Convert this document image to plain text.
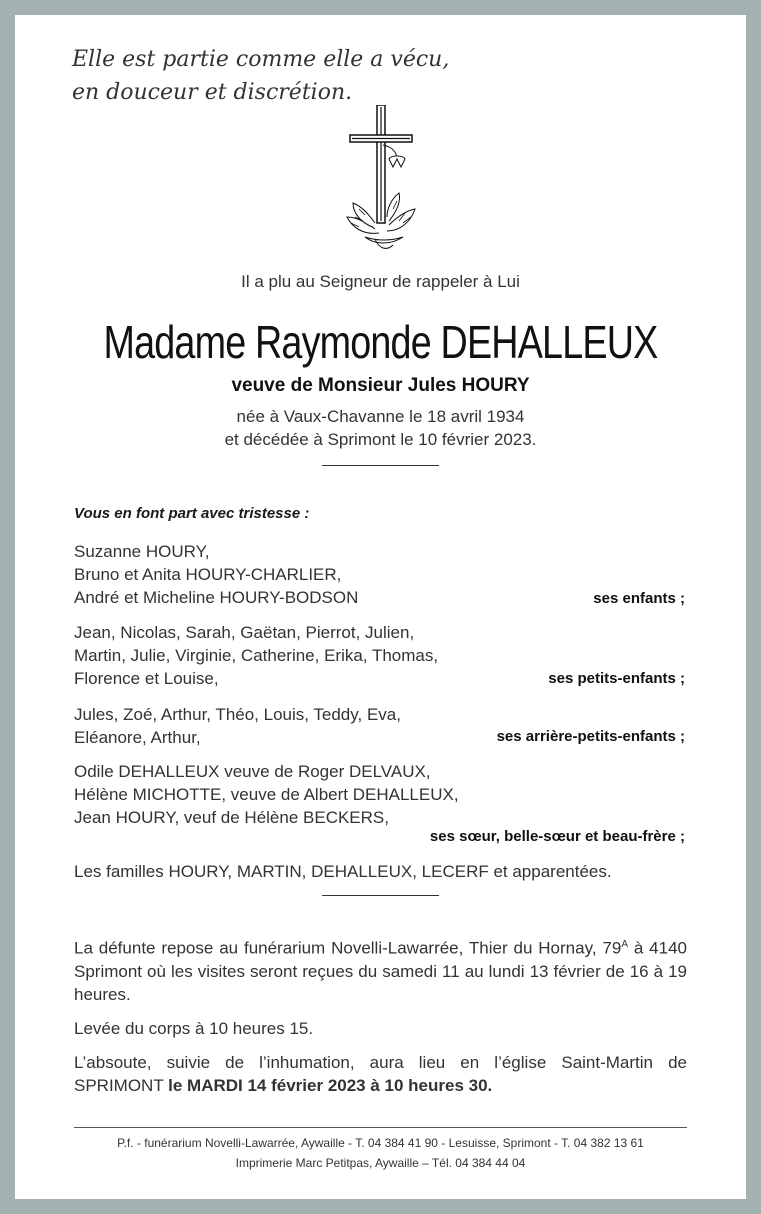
Elle est partie comme elle a vécu,
en douceur et discrétion.
Il a plu au Seigneur de rappeler à Lui
Madame Raymonde DEHALLEUX
veuve de Monsieur Jules HOURY
née à Vaux-Chavanne le 18 avril 1934
et décédée à Sprimont le 10 février 2023.
Vous en font part avec tristesse :
Suzanne HOURY,
Bruno et Anita HOURY-CHARLIER,
André et Micheline HOURY-BODSON	ses enfants ;
Jean, Nicolas, Sarah, Gaëtan, Pierrot, Julien,
Martin, Julie, Virginie, Catherine, Erika, Thomas,
Florence et Louise,	ses petits-enfants ;
Jules, Zoé, Arthur, Théo, Louis, Teddy, Eva,
Eléanore, Arthur,	ses arrière-petits-enfants ;
Odile DEHALLEUX veuve de Roger DELVAUX,
Hélène MICHOTTE, veuve de Albert DEHALLEUX,
Jean HOURY, veuf de Hélène BECKERS,
ses sœur, belle-sœur et beau-frère ;
Les familles HOURY, MARTIN, DEHALLEUX, LECERF et apparentées.
La défunte repose au funérarium Novelli-Lawarrée, Thier du Hornay, $79^A$ à 4140 Sprimont où les visites seront reçues du samedi 11 au lundi 13 février de 16 à 19 heures.
Levée du corps à 10 heures 15.
L’absoute, suivie de l’inhumation, aura lieu en l’église Saint-Martin de SPRIMONT le MARDI 14 février 2023 à 10 heures 30.
P.f. - funérarium Novelli-Lawarrée, Aywaille - T. 04 384 41 90 - Lesuisse, Sprimont - T. 04 382 13 61
Imprimerie Marc Petitpas, Aywaille – Tél. 04 384 44 04
